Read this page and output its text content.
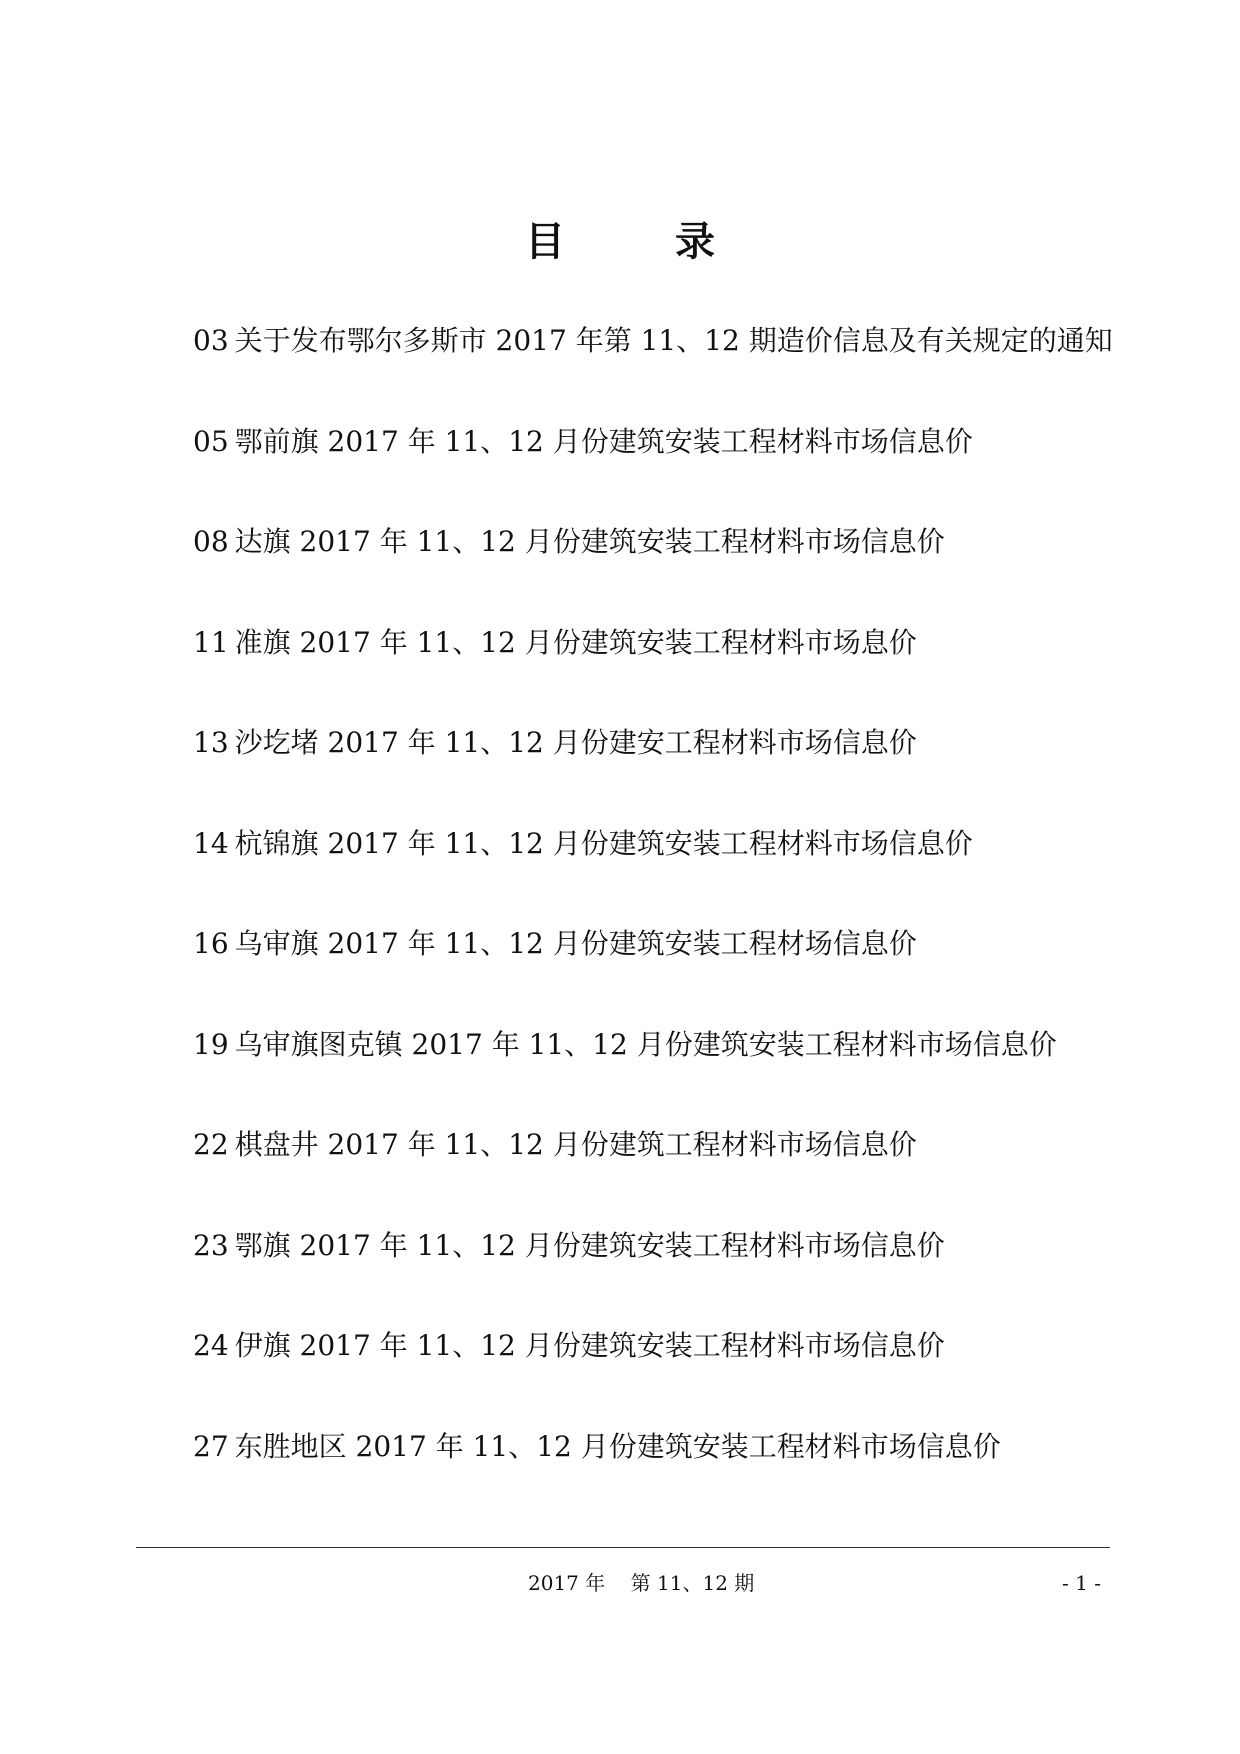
目 录
03 关于发布鄂尔多斯市 2017 年第 11、12 期造价信息及有关规定的通知
05 鄂前旗 2017 年 11、12 月份建筑安装工程材料市场信息价
08 达旗 2017 年 11、12 月份建筑安装工程材料市场信息价
11 准旗 2017 年 11、12 月份建筑安装工程材料市场息价
13 沙圪堵 2017 年 11、12 月份建安工程材料市场信息价
14 杭锦旗 2017 年 11、12 月份建筑安装工程材料市场信息价
16 乌审旗 2017 年 11、12 月份建筑安装工程材场信息价
19 乌审旗图克镇 2017 年 11、12 月份建筑安装工程材料市场信息价
22 棋盘井 2017 年 11、12 月份建筑工程材料市场信息价
23 鄂旗 2017 年 11、12 月份建筑安装工程材料市场信息价
24 伊旗 2017 年 11、12 月份建筑安装工程材料市场信息价
27 东胜地区 2017 年 11、12 月份建筑安装工程材料市场信息价
2017 年    第 11、12 期	- 1 -
